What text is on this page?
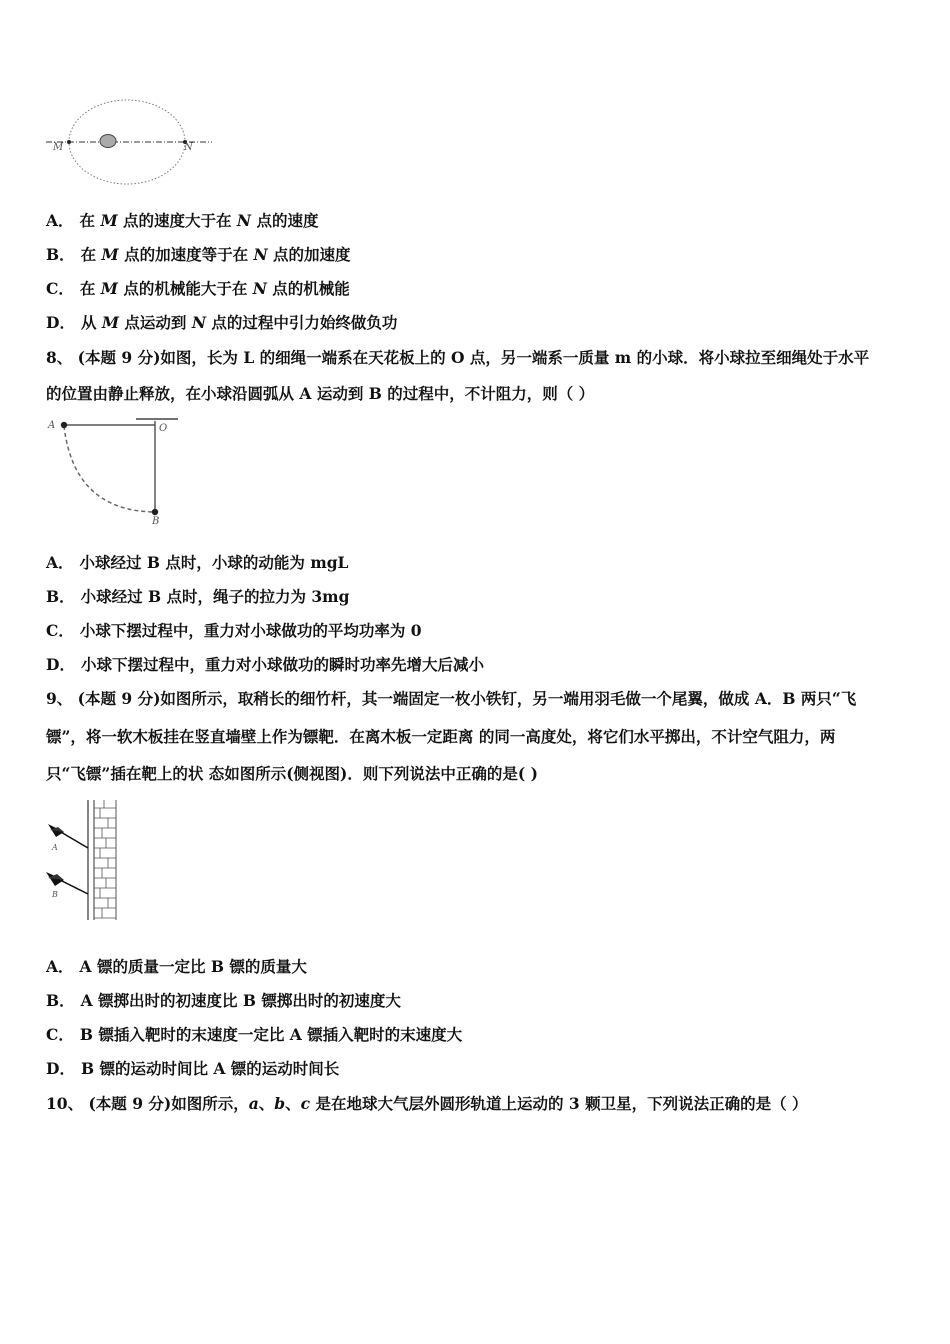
M	N
A． 在 M 点的速度大于在 N 点的速度
B． 在 M 点的加速度等于在 N 点的加速度
C． 在 M 点的机械能大于在 N 点的机械能
D． 从 M 点运动到 N 点的过程中引力始终做负功
8、 (本题 9 分)如图，长为 L 的细绳一端系在天花板上的 O 点，另一端系一质量 m 的小球．将小球拉至细绳处于水平
的位置由静止释放，在小球沿圆弧从 A 运动到 B 的过程中，不计阻力，则（ ）
A	O
B
A． 小球经过 B 点时，小球的动能为 mgL
B． 小球经过 B 点时，绳子的拉力为 3mg
C． 小球下摆过程中，重力对小球做功的平均功率为 0
D． 小球下摆过程中，重力对小球做功的瞬时功率先增大后减小
9、 (本题 9 分)如图所示，取稍长的细竹杆，其一端固定一枚小铁钉，另一端用羽毛做一个尾翼，做成 A．B 两只“飞
镖”，将一软木板挂在竖直墙壁上作为镖靶．在离木板一定距离 的同一高度处，将它们水平掷出，不计空气阻力，两
只“飞镖”插在靶上的状 态如图所示(侧视图)．则下列说法中正确的是( )
A
B
A． A 镖的质量一定比 B 镖的质量大
B． A 镖掷出时的初速度比 B 镖掷出时的初速度大
C． B 镖插入靶时的末速度一定比 A 镖插入靶时的末速度大
D． B 镖的运动时间比 A 镖的运动时间长
10、 (本题 9 分)如图所示，a、b、c 是在地球大气层外圆形轨道上运动的 3 颗卫星，下列说法正确的是（ ）
